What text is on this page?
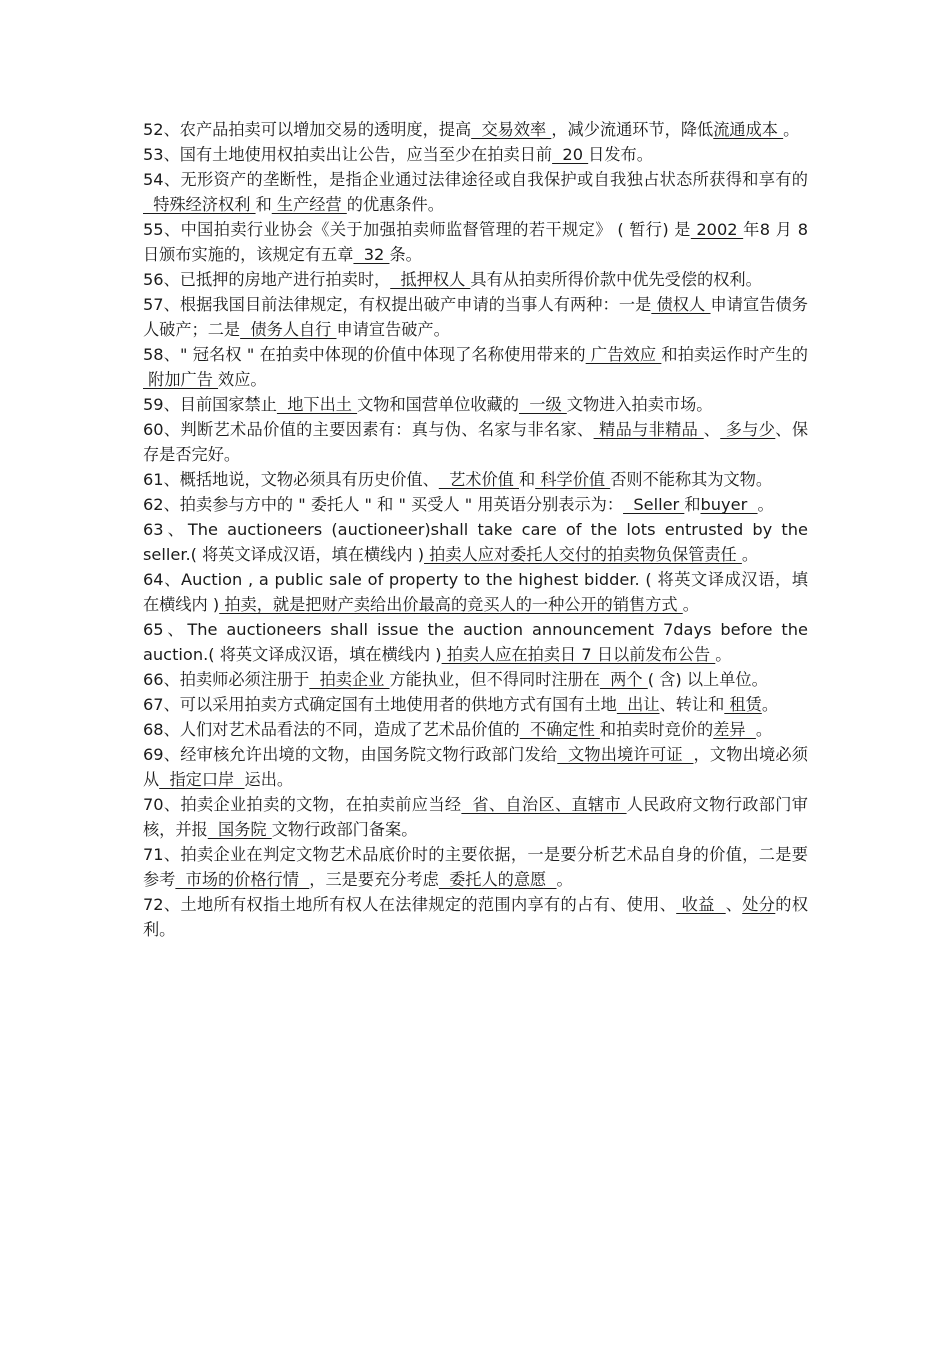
52、农产品拍卖可以增加交易的透明度，提高  交易效率 ，减少流通环节，降低流通成本 。

53、国有土地使用权拍卖出让公告，应当至少在拍卖日前  20 日发布。

54、无形资产的垄断性，是指企业通过法律途径或自我保护或自我独占状态所获得和享有的  特殊经济权利 和 生产经营 的优惠条件。

55、中国拍卖行业协会《关于加强拍卖师监督管理的若干规定》 ( 暂行) 是 2002 年8 月 8 日颁布实施的，该规定有五章  32 条。

56、已抵押的房地产进行拍卖时，  抵押权人 具有从拍卖所得价款中优先受偿的权利。

57、根据我国目前法律规定，有权提出破产申请的当事人有两种：一是 债权人 申请宣告债务人破产；二是  债务人自行 申请宣告破产。

58、" 冠名权 " 在拍卖中体现的价值中体现了名称使用带来的 广告效应 和拍卖运作时产生的 附加广告 效应。

59、目前国家禁止  地下出土 文物和国营单位收藏的  一级 文物进入拍卖市场。

60、判断艺术品价值的主要因素有：真与伪、名家与非名家、 精品与非精品 、 多与少、保存是否完好。

61、概括地说，文物必须具有历史价值、  艺术价值 和 科学价值 否则不能称其为文物。

62、拍卖参与方中的 " 委托人 " 和 " 买受人 " 用英语分别表示为：  Seller 和buyer  。

63、The auctioneers (auctioneer)shall take care of the lots entrusted by the seller.( 将英文译成汉语，填在横线内 ) 拍卖人应对委托人交付的拍卖物负保管责任 。

64、Auction , a public sale of property to the highest bidder. ( 将英文译成汉语，填在横线内 ) 拍卖，就是把财产卖给出价最高的竞买人的一种公开的销售方式 。

65、The auctioneers shall issue the auction announcement 7days before the auction.( 将英文译成汉语，填在横线内 ) 拍卖人应在拍卖日 7 日以前发布公告 。

66、拍卖师必须注册于  拍卖企业 方能执业，但不得同时注册在  两个 ( 含) 以上单位。

67、可以采用拍卖方式确定国有土地使用者的供地方式有国有土地  出让、转让和 租赁。

68、人们对艺术品看法的不同，造成了艺术品价值的  不确定性 和拍卖时竞价的差异  。

69、经审核允许出境的文物，由国务院文物行政部门发给  文物出境许可证  ，文物出境必须从  指定口岸  运出。

70、拍卖企业拍卖的文物，在拍卖前应当经  省、自治区、直辖市 人民政府文物行政部门审核，并报  国务院 文物行政部门备案。

71、拍卖企业在判定文物艺术品底价时的主要依据，一是要分析艺术品自身的价值，二是要参考  市场的价格行情  ，三是要充分考虑  委托人的意愿  。

72、土地所有权指土地所有权人在法律规定的范围内享有的占有、使用、 收益  、处分的权利。
